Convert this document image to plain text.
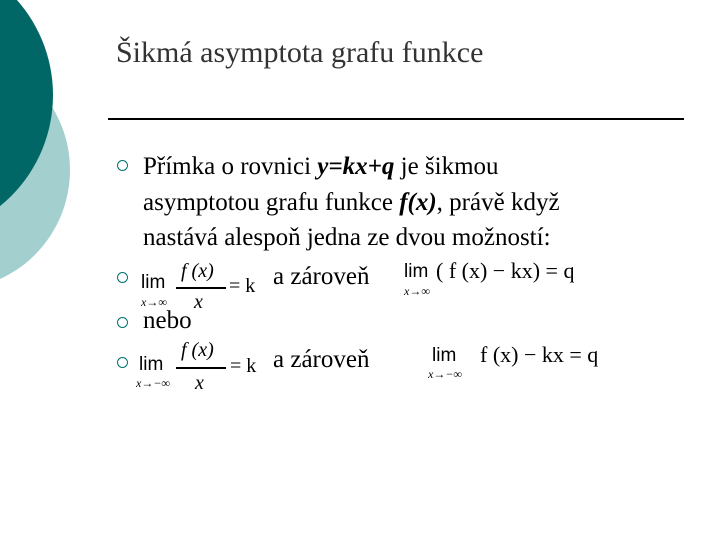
Šikmá asymptota grafu funkce
Přímka o rovnici y=kx+q je šikmou
asymptotou grafu funkce f(x), právě když
nastává alespoň jedna ze dvou možností:
lim
x→∞
f (x)
x
= k a zároveň lim
x→∞
( f (x) − kx) = q
nebo
lim
x→−∞
f (x)
x
= k a zároveň	lim
x→−∞
f (x) − kx = q
